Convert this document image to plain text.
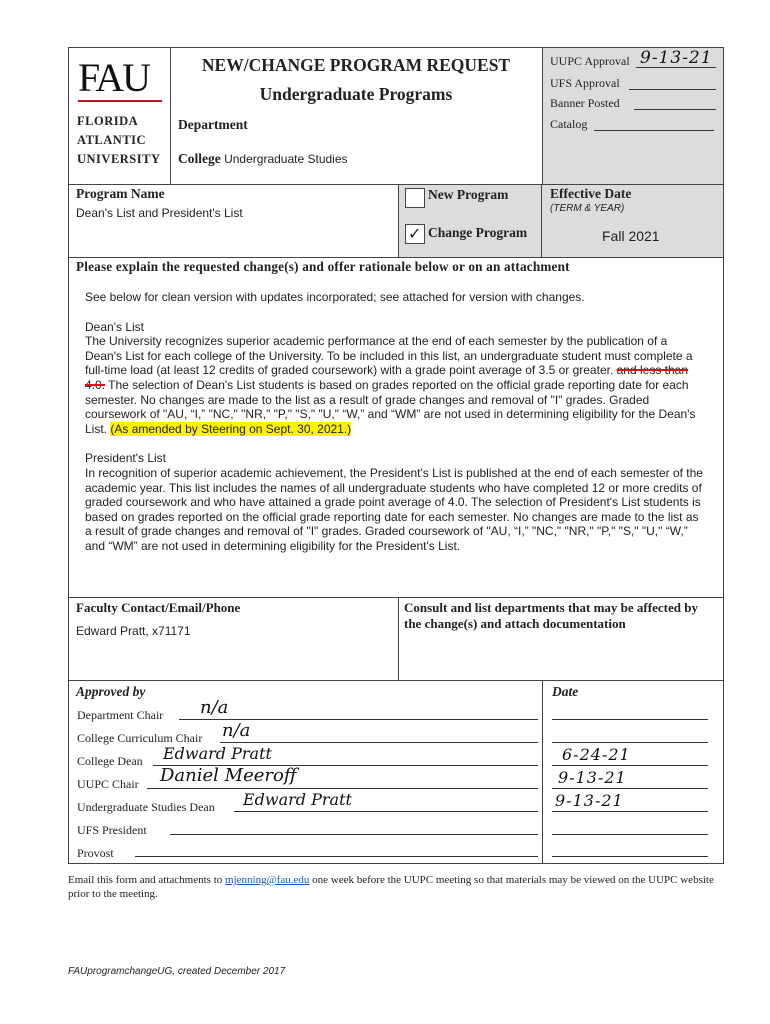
FAU
FLORIDA
ATLANTIC
UNIVERSITY
NEW/CHANGE PROGRAM REQUEST
Undergraduate Programs
Department
College Undergraduate Studies
UUPC Approval 9-13-21
UFS Approval
Banner Posted
Catalog
Program Name
Dean's List and President's List
New Program
✓ Change Program
Effective Date
(TERM & YEAR)
Fall 2021
Please explain the requested change(s) and offer rationale below or on an attachment

See below for clean version with updates incorporated; see attached for version with changes.

Dean's List

The University recognizes superior academic performance at the end of each semester by the publication of a Dean's List for each college of the University. To be included in this list, an undergraduate student must complete a full-time load (at least 12 credits of graded coursework) with a grade point average of 3.5 or greater. and less than 4.0. The selection of Dean's List students is based on grades reported on the official grade reporting date for each semester. No changes are made to the list as a result of grade changes and removal of "I" grades. Graded coursework of "AU, “I,” "NC," "NR," "P," "S," "U," “W,” and “WM” are not used in determining eligibility for the Dean's List. (As amended by Steering on Sept. 30, 2021.)

President's List

In recognition of superior academic achievement, the President's List is published at the end of each semester of the academic year. This list includes the names of all undergraduate students who have completed 12 or more credits of graded coursework and who have attained a grade point average of 4.0. The selection of President's List students is based on grades reported on the official grade reporting date for each semester. No changes are made to the list as a result of grade changes and removal of "I" grades. Graded coursework of "AU, “I,” "NC," "NR," "P," "S," "U," “W,” and “WM” are not used in determining eligibility for the President's List.

Faculty Contact/Email/Phone
Edward Pratt, x71171
Consult and list departments that may be affected by the change(s) and attach documentation
Approved by	Date
Department Chair n/a
College Curriculum Chair n/a
College Dean Edward Pratt	6-24-21
UUPC Chair Daniel Meeroff	9-13-21
Undergraduate Studies Dean Edward Pratt	9-13-21
UFS President
Provost
Email this form and attachments to mjenning@fau.edu one week before the UUPC meeting so that materials may be viewed on the UUPC website prior to the meeting.
FAUprogramchangeUG, created December 2017
